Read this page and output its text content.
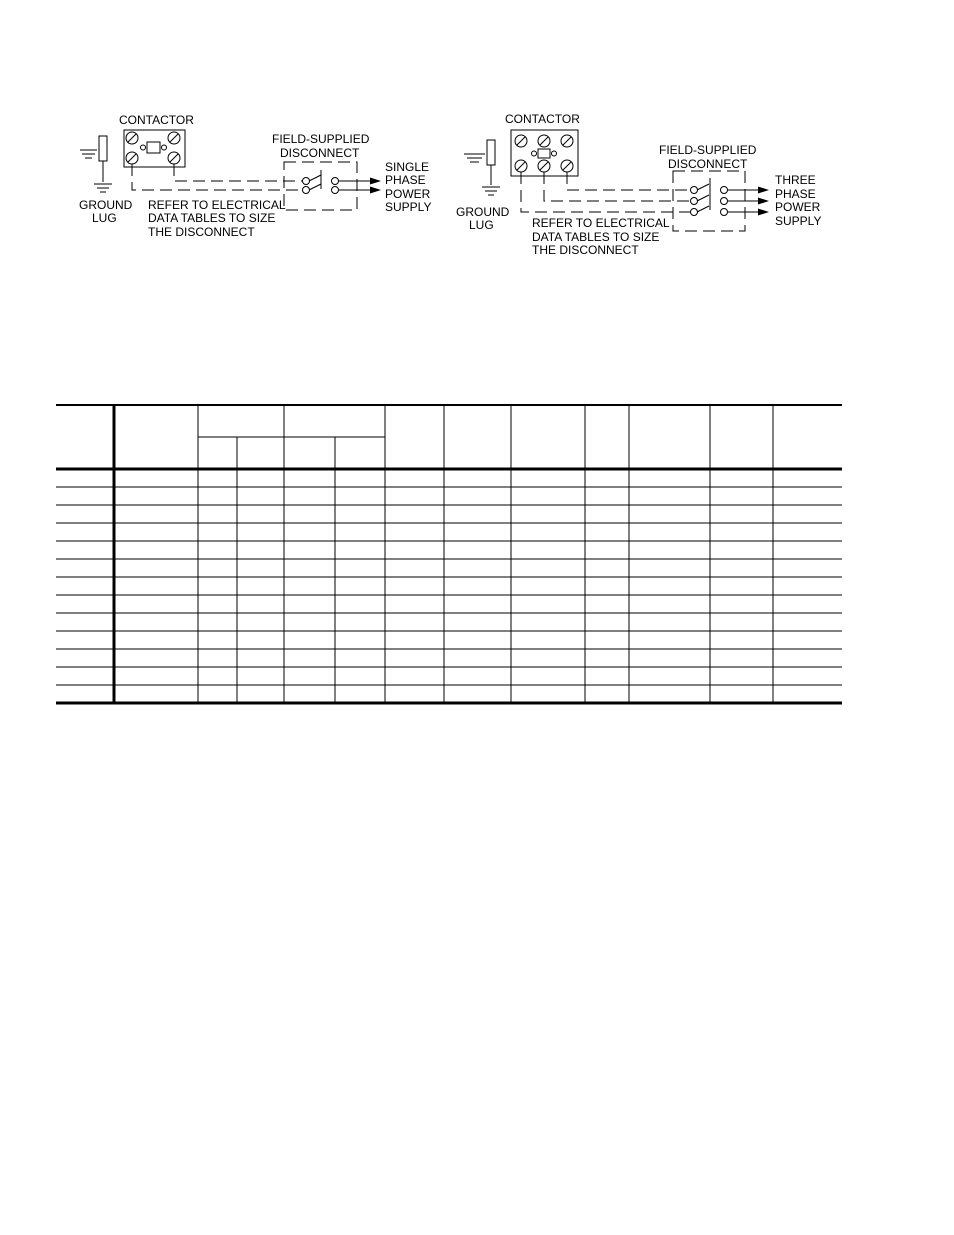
CONTACTOR
GROUND
LUG
FIELD-SUPPLIED
DISCONNECT
SINGLE
PHASE
POWER
SUPPLY
REFER TO ELECTRICAL
DATA TABLES TO SIZE
THE DISCONNECT
CONTACTOR
GROUND
LUG
FIELD-SUPPLIED
DISCONNECT
THREE
PHASE
POWER
SUPPLY
REFER TO ELECTRICAL
DATA TABLES TO SIZE
THE DISCONNECT
